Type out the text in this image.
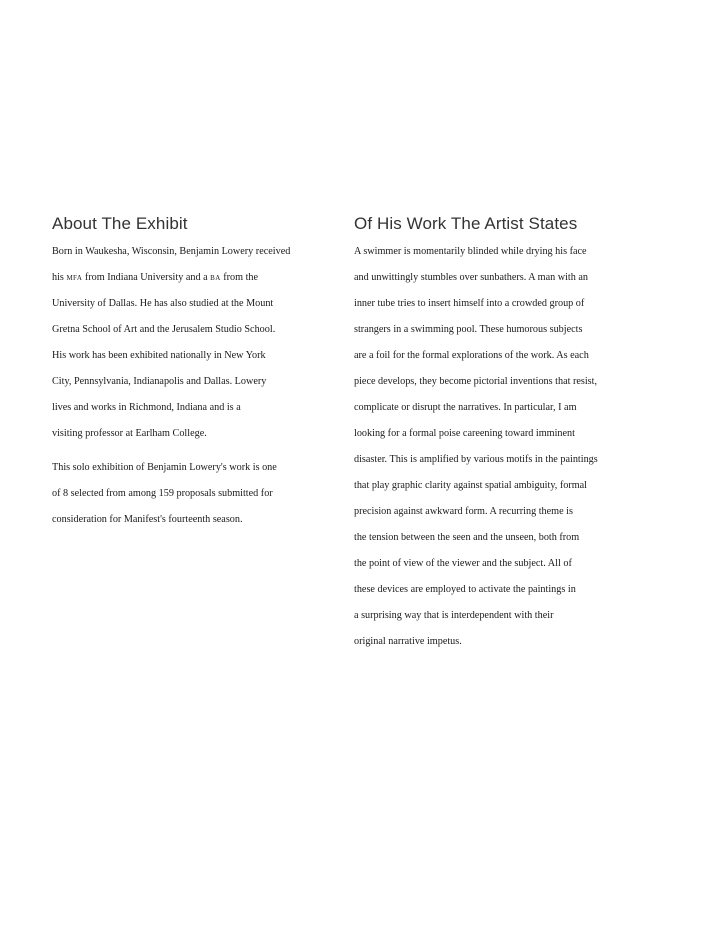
About The Exhibit

Born in Waukesha, Wisconsin, Benjamin Lowery received

his mfa from Indiana University and a ba from the

University of Dallas. He has also studied at the Mount

Gretna School of Art and the Jerusalem Studio School.

His work has been exhibited nationally in New York

City, Pennsylvania, Indianapolis and Dallas. Lowery

lives and works in Richmond, Indiana and is a

visiting professor at Earlham College.

This solo exhibition of Benjamin Lowery's work is one

of 8 selected from among 159 proposals submitted for

consideration for Manifest's fourteenth season.

Of His Work The Artist States

A swimmer is momentarily blinded while drying his face

and unwittingly stumbles over sunbathers. A man with an

inner tube tries to insert himself into a crowded group of

strangers in a swimming pool. These humorous subjects

are a foil for the formal explorations of the work. As each

piece develops, they become pictorial inventions that resist,

complicate or disrupt the narratives. In particular, I am

looking for a formal poise careening toward imminent

disaster. This is amplified by various motifs in the paintings

that play graphic clarity against spatial ambiguity, formal

precision against awkward form. A recurring theme is

the tension between the seen and the unseen, both from

the point of view of the viewer and the subject. All of

these devices are employed to activate the paintings in

a surprising way that is interdependent with their

original narrative impetus.
